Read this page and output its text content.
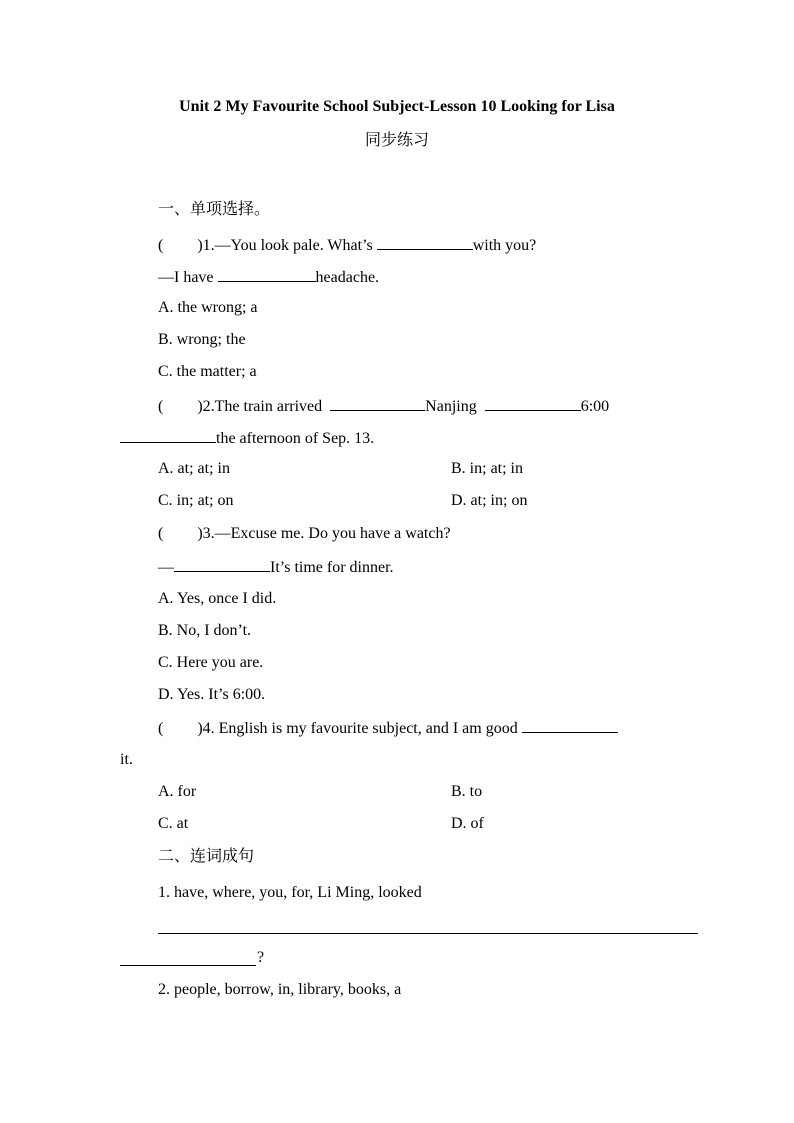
Unit 2 My Favourite School Subject-Lesson 10 Looking for Lisa
同步练习
一、单项选择。
( )1.—You look pale. What’s	with you?
—I have	headache.
A. the wrong; a
B. wrong; the
C. the matter; a
( )2.The train arrived	Nanjing	6:00
the afternoon of Sep. 13.
A. at; at; in	B. in; at; in
C. in; at; on	D. at; in; on
( )3.—Excuse me. Do you have a watch?
—	It’s time for dinner.
A. Yes, once I did.
B. No, I don’t.
C. Here you are.
D. Yes. It’s 6:00.
( )4. English is my favourite subject, and I am good
it.
A. for	B. to
C. at	D. of
二、连词成句
1. have, where, you, for, Li Ming, looked
?
2. people, borrow, in, library, books, a
